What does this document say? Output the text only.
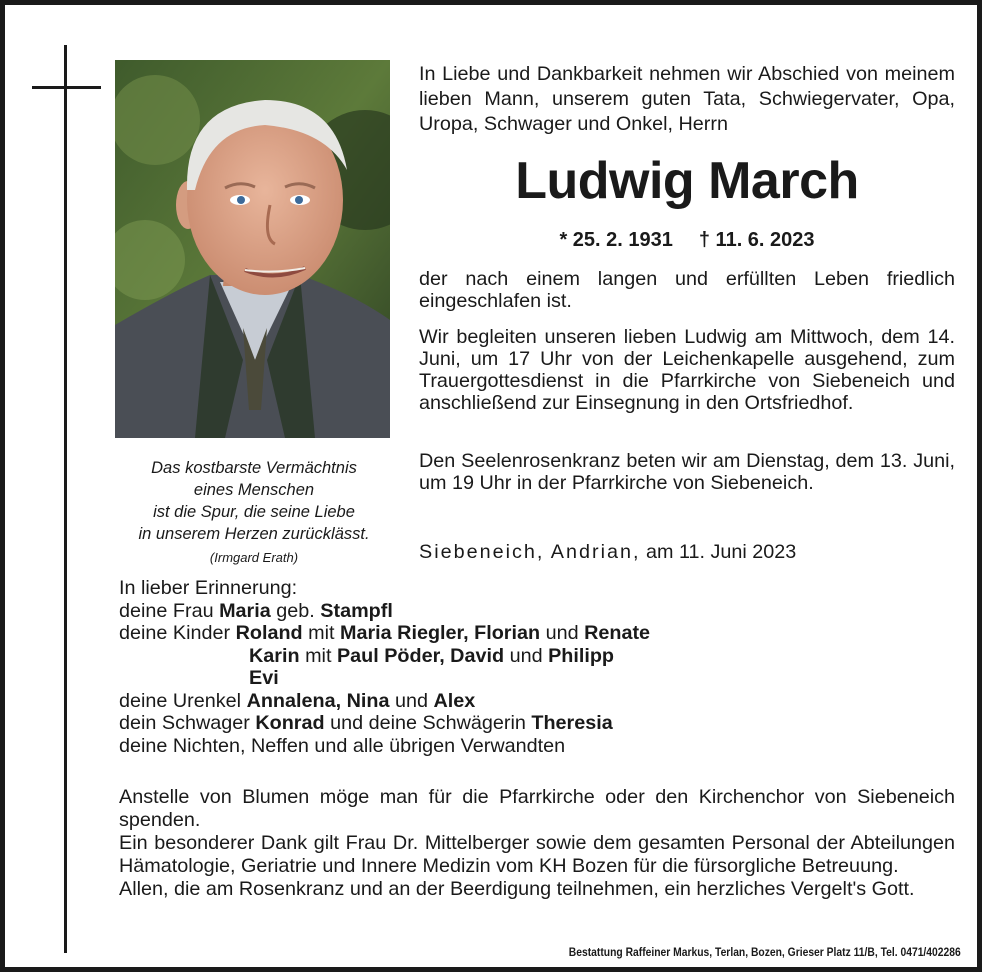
Das kostbarste Vermächtnis
eines Menschen
ist die Spur, die seine Liebe
in unserem Herzen zurücklässt.
(Irmgard Erath)
In Liebe und Dankbarkeit nehmen wir Abschied von meinem lieben Mann, unserem guten Tata, Schwiegervater, Opa, Uropa, Schwager und Onkel, Herrn
Ludwig March
* 25. 2. 1931 † 11. 6. 2023
der nach einem langen und erfüllten Leben friedlich eingeschlafen ist.
Wir begleiten unseren lieben Ludwig am Mittwoch, dem 14. Juni, um 17 Uhr von der Leichenkapelle ausgehend, zum Trauergottesdienst in die Pfarrkirche von Siebeneich und anschließend zur Einsegnung in den Ortsfriedhof.
Den Seelenrosenkranz beten wir am Dienstag, dem 13. Juni, um 19 Uhr in der Pfarrkirche von Siebeneich.
Siebeneich, Andrian, am 11. Juni 2023
In lieber Erinnerung:
deine Frau Maria geb. Stampfl
deine Kinder Roland mit Maria Riegler, Florian und Renate
Karin mit Paul Pöder, David und Philipp
Evi
deine Urenkel Annalena, Nina und Alex
dein Schwager Konrad und deine Schwägerin Theresia
deine Nichten, Neffen und alle übrigen Verwandten
Anstelle von Blumen möge man für die Pfarrkirche oder den Kirchenchor von Siebeneich spenden.
Ein besonderer Dank gilt Frau Dr. Mittelberger sowie dem gesamten Personal der Abteilungen Hämatologie, Geriatrie und Innere Medizin vom KH Bozen für die fürsorgliche Betreuung.
Allen, die am Rosenkranz und an der Beerdigung teilnehmen, ein herzliches Vergelt's Gott.
Bestattung Raffeiner Markus, Terlan, Bozen, Grieser Platz 11/B, Tel. 0471/402286
